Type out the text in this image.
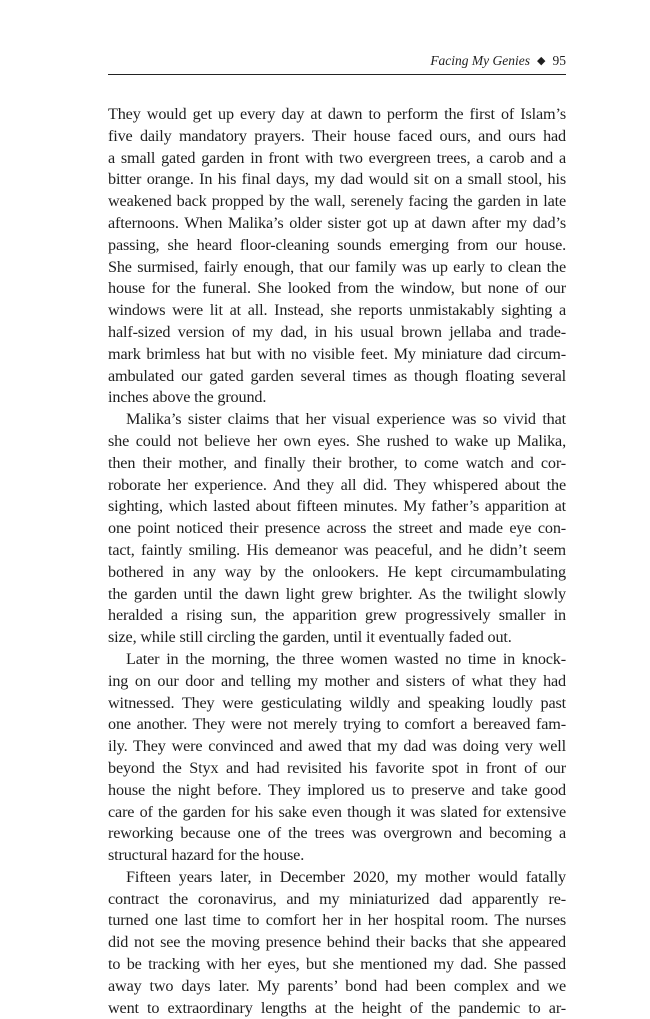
Facing My Genies ◆ 95

They would get up every day at dawn to perform the first of Islam’s
five daily mandatory prayers. Their house faced ours, and ours had
a small gated garden in front with two evergreen trees, a carob and a
bitter orange. In his final days, my dad would sit on a small stool, his
weakened back propped by the wall, serenely facing the garden in late
afternoons. When Malika’s older sister got up at dawn after my dad’s
passing, she heard floor-cleaning sounds emerging from our house.
She surmised, fairly enough, that our family was up early to clean the
house for the funeral. She looked from the window, but none of our
windows were lit at all. Instead, she reports unmistakably sighting a
half-sized version of my dad, in his usual brown jellaba and trade-
mark brimless hat but with no visible feet. My miniature dad circum-
ambulated our gated garden several times as though floating several
inches above the ground.

Malika’s sister claims that her visual experience was so vivid that
she could not believe her own eyes. She rushed to wake up Malika,
then their mother, and finally their brother, to come watch and cor-
roborate her experience. And they all did. They whispered about the
sighting, which lasted about fifteen minutes. My father’s apparition at
one point noticed their presence across the street and made eye con-
tact, faintly smiling. His demeanor was peaceful, and he didn’t seem
bothered in any way by the onlookers. He kept circumambulating
the garden until the dawn light grew brighter. As the twilight slowly
heralded a rising sun, the apparition grew progressively smaller in
size, while still circling the garden, until it eventually faded out.

Later in the morning, the three women wasted no time in knock-
ing on our door and telling my mother and sisters of what they had
witnessed. They were gesticulating wildly and speaking loudly past
one another. They were not merely trying to comfort a bereaved fam-
ily. They were convinced and awed that my dad was doing very well
beyond the Styx and had revisited his favorite spot in front of our
house the night before. They implored us to preserve and take good
care of the garden for his sake even though it was slated for extensive
reworking because one of the trees was overgrown and becoming a
structural hazard for the house.

Fifteen years later, in December 2020, my mother would fatally
contract the coronavirus, and my miniaturized dad apparently re-
turned one last time to comfort her in her hospital room. The nurses
did not see the moving presence behind their backs that she appeared
to be tracking with her eyes, but she mentioned my dad. She passed
away two days later. My parents’ bond had been complex and we
went to extraordinary lengths at the height of the pandemic to ar-
